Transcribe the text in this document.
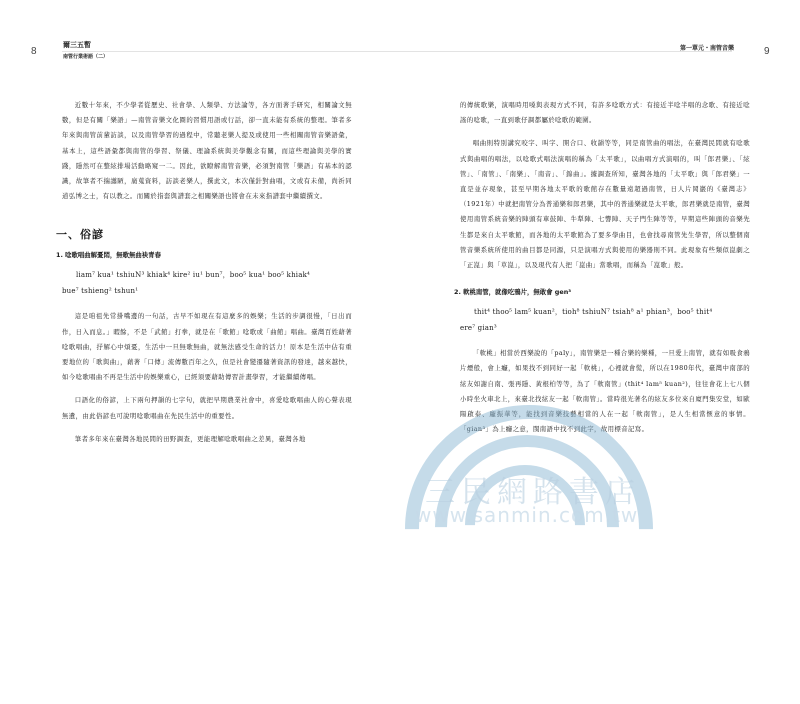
8
爾三五暫
南管行業術語（二）

近數十年來，不少學者從歷史、社會學、人類學、方法論等，各方面著手研究，相關論文無數，但是有關「樂語」—南管音樂文化圈的習慣用語或行話，卻一直未能有系統的整理。筆者多年來與南管前輩訪談，以及南管學習的過程中，常聽老樂人提及或使用一些相關南管音樂語彙，基本上，這些語彙都與南管的學習、祭儀、理論系統與美學觀念有關，而這些理論與美學的實踐，隱然可在整絃排場活動略窺一二。因此，欲瞭解南管音樂，必須對南管「樂語」有基本的認識，故筆者不揣譾陋，廣蒐資料，訪談老樂人，撰此文，本次僅針對曲唱，文或有未備，尚祈同道弘博之士，有以教之。而關於指套與譜套之相關樂語也將會在未來指譜套中繼續撰文。

一、俗諺
1. 唸歌唱曲解憂悶，無歌無曲袂青春
liam⁷ kua¹ tshiuN³ khiak⁴ kire² iu¹ bun⁷，boo⁵ kua¹ boo⁵ khiak⁴
bue⁷ tshieng² tshun¹

這是咱祖先常掛嘴邊的一句話，古早不如現在有這麼多的娛樂；生活的步調很慢，「日出而作，日入而息。」暇餘，不是「武館」打拳，就是在「歌館」唸歌或「曲館」唱曲。臺灣百姓藉著唸歌唱曲，抒解心中煩憂，生活中一旦無歌無曲，就無法感受生命的活力！原本是生活中佔有重要地位的「歌與曲」，藉著「口傳」流傳數百年之久，但是社會變遷隨著資訊的發達，越來越快，如今唸歌唱曲不再是生活中的娛樂重心，已經須要藉助傳習計畫學習，才能繼續傳唱。

口語化的俗諺，上下兩句押韻的七字句，就把早期農業社會中，喜愛唸歌唱曲人的心聲表現無遺，由此俗諺也可說明唸歌唱曲在先民生活中的重要性。

筆者多年來在臺灣各地民間的田野調查，更能理解唸歌唱曲之差異，臺灣各地

第一單元・南管音樂	9

的傳統歌樂，演唱時用嗓與表現方式不同，有許多唸歌方式：有接近半唸半唱的念歌、有接近唸謠的唸歌，一直到歌仔調都屬於唸歌的範圍。

唱曲則特別講究咬字、叫字、開合口、收韻等等，同是南管曲的唱法，在臺灣民間就有唸歌式與曲唱的唱法，以唸歌式唱法演唱的稱為「太平歌」，以曲唱方式演唱的，叫「郎君樂」、「絃管」、「南管」、「南樂」、「南音」、「錦曲」。據調查所知，臺灣各地的「太平歌」與「郎君樂」一直是並存現象，甚至早期各地太平歌的歌館存在數量遠超過南管，日人片岡巖的《臺灣志》（1921年）中就把南管分為普通樂和郎君樂，其中的普通樂就是太平歌，郎君樂就是南管，臺灣使用南管系統音樂的陣頭有車鼓陣、牛犁陣、七響陣、天子門生陣等等，早期這些陣頭的音樂先生都是來自太平歌館，而各地的太平歌館為了要多學曲目，也會找尋南管先生學習，所以整個南管音樂系統所使用的曲目都是同源，只是演唱方式與使用的樂器則不同。此現象有些類似崑劇之「正崑」與「草崑」，以及現代有人把「崑曲」當歌唱，而稱為「崑歌」般。

2. 軟桃南管，就像吃鴉片，無敢會 gen³
thit⁴ thoo⁵ lam⁵ kuan²，tioh⁸ tshiuN⁷ tsiah⁸ a¹ phian³，boo⁵ thit⁴
ere⁷ gian³

「軟桃」相當於西樂說的「paly」，南管樂是一種合樂的樂種，一旦愛上南管，就有如吸食鴉片煙般，會上癮，如果找不到同好一起「軟桃」，心裡就會慌，所以在1980年代，臺灣中南部的絃友如謝自南、張再隱、黃根柏等等，為了「軟南管」(thit⁴ lam⁵ kuan²)，往往會花上七八個小時坐火車北上，來臺北找絃友一起「軟南管」。當時很光著名的絃友多位來自廈門集安堂，如歐陽啟泰、龐振華等，能找到音樂技藝相當的人在一起「軟南管」，是人生相當愜意的事情。「gian³」為上癮之意，閩南語中找不到此字，故用標音記寫。

三民網路書店
www.sanmin.com.tw
